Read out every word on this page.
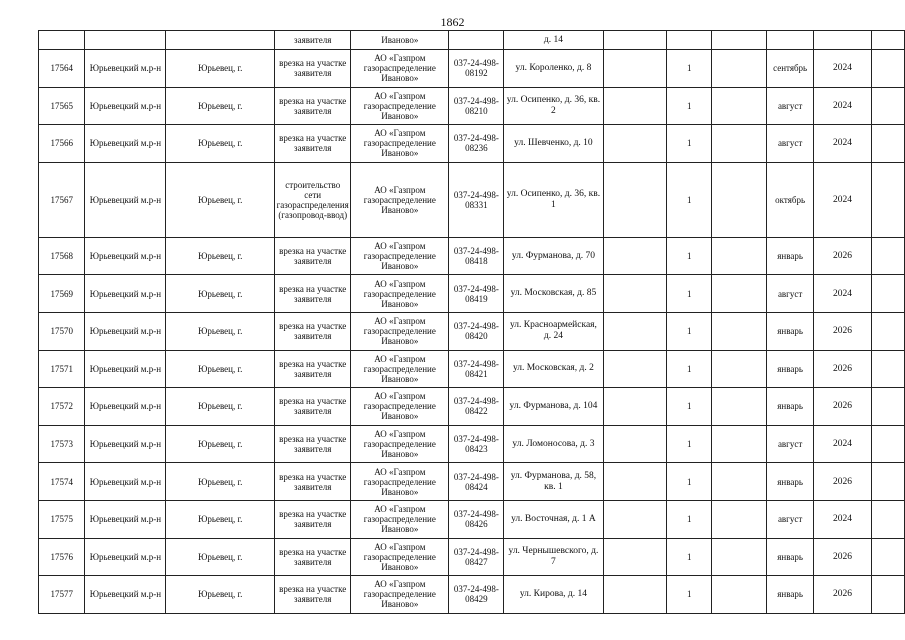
1862
			заявителя	Иваново»		д. 14						
17564	Юрьевецкий м.р-н	Юрьевец, г.	врезка на участке заявителя	АО «Газпром газораспределение Иваново»	037-24-498-08192	ул. Короленко, д. 8		1		сентябрь	2024	
17565	Юрьевецкий м.р-н	Юрьевец, г.	врезка на участке заявителя	АО «Газпром газораспределение Иваново»	037-24-498-08210	ул. Осипенко, д. 36, кв. 2		1		август	2024	
17566	Юрьевецкий м.р-н	Юрьевец, г.	врезка на участке заявителя	АО «Газпром газораспределение Иваново»	037-24-498-08236	ул. Шевченко, д. 10		1		август	2024	
17567	Юрьевецкий м.р-н	Юрьевец, г.	строительство сети газораспределения (газопровод-ввод)	АО «Газпром газораспределение Иваново»	037-24-498-08331	ул. Осипенко, д. 36, кв. 1		1		октябрь	2024	
17568	Юрьевецкий м.р-н	Юрьевец, г.	врезка на участке заявителя	АО «Газпром газораспределение Иваново»	037-24-498-08418	ул. Фурманова, д. 70		1		январь	2026	
17569	Юрьевецкий м.р-н	Юрьевец, г.	врезка на участке заявителя	АО «Газпром газораспределение Иваново»	037-24-498-08419	ул. Московская, д. 85		1		август	2024	
17570	Юрьевецкий м.р-н	Юрьевец, г.	врезка на участке заявителя	АО «Газпром газораспределение Иваново»	037-24-498-08420	ул. Красноармейская, д. 24		1		январь	2026	
17571	Юрьевецкий м.р-н	Юрьевец, г.	врезка на участке заявителя	АО «Газпром газораспределение Иваново»	037-24-498-08421	ул. Московская, д. 2		1		январь	2026	
17572	Юрьевецкий м.р-н	Юрьевец, г.	врезка на участке заявителя	АО «Газпром газораспределение Иваново»	037-24-498-08422	ул. Фурманова, д. 104		1		январь	2026	
17573	Юрьевецкий м.р-н	Юрьевец, г.	врезка на участке заявителя	АО «Газпром газораспределение Иваново»	037-24-498-08423	ул. Ломоносова, д. 3		1		август	2024	
17574	Юрьевецкий м.р-н	Юрьевец, г.	врезка на участке заявителя	АО «Газпром газораспределение Иваново»	037-24-498-08424	ул. Фурманова, д. 58, кв. 1		1		январь	2026	
17575	Юрьевецкий м.р-н	Юрьевец, г.	врезка на участке заявителя	АО «Газпром газораспределение Иваново»	037-24-498-08426	ул. Восточная, д. 1 А		1		август	2024	
17576	Юрьевецкий м.р-н	Юрьевец, г.	врезка на участке заявителя	АО «Газпром газораспределение Иваново»	037-24-498-08427	ул. Чернышевского, д. 7		1		январь	2026	
17577	Юрьевецкий м.р-н	Юрьевец, г.	врезка на участке заявителя	АО «Газпром газораспределение Иваново»	037-24-498-08429	ул. Кирова, д. 14		1		январь	2026	
